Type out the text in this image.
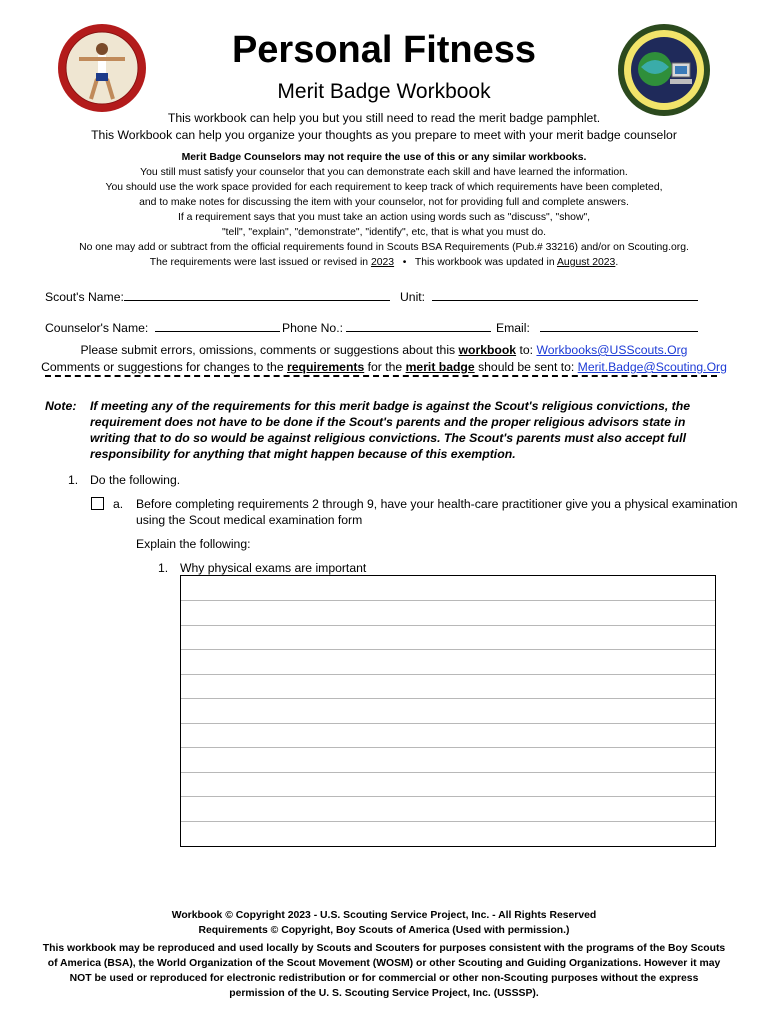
Personal Fitness
Merit Badge Workbook
This workbook can help you but you still need to read the merit badge pamphlet.
This Workbook can help you organize your thoughts as you prepare to meet with your merit badge counselor
Merit Badge Counselors may not require the use of this or any similar workbooks.
You still must satisfy your counselor that you can demonstrate each skill and have learned the information.
You should use the work space provided for each requirement to keep track of which requirements have been completed,
and to make notes for discussing the item with your counselor, not for providing full and complete answers.
If a requirement says that you must take an action using words such as "discuss", "show",
"tell", "explain", "demonstrate", "identify", etc, that is what you must do.
No one may add or subtract from the official requirements found in Scouts BSA Requirements (Pub.# 33216) and/or on Scouting.org.
The requirements were last issued or revised in 2023 • This workbook was updated in August 2023.
Scout's Name:	Unit:
Counselor's Name:	Phone No.:	Email:
Please submit errors, omissions, comments or suggestions about this workbook to: Workbooks@USScouts.Org
Comments or suggestions for changes to the requirements for the merit badge should be sent to: Merit.Badge@Scouting.Org
Note:	If meeting any of the requirements for this merit badge is against the Scout's religious convictions, the requirement does not have to be done if the Scout's parents and the proper religious advisors state in writing that to do so would be against religious convictions. The Scout's parents must also accept full responsibility for anything that might happen because of this exemption.
1. Do the following.
a. Before completing requirements 2 through 9, have your health-care practitioner give you a physical examination
using the Scout medical examination form
Explain the following:
1. Why physical exams are important
Workbook © Copyright 2023 - U.S. Scouting Service Project, Inc. - All Rights Reserved
Requirements © Copyright, Boy Scouts of America (Used with permission.)
This workbook may be reproduced and used locally by Scouts and Scouters for purposes consistent with the programs of the Boy Scouts
of America (BSA), the World Organization of the Scout Movement (WOSM) or other Scouting and Guiding Organizations. However it may
NOT be used or reproduced for electronic redistribution or for commercial or other non-Scouting purposes without the express
permission of the U. S. Scouting Service Project, Inc. (USSSP).
